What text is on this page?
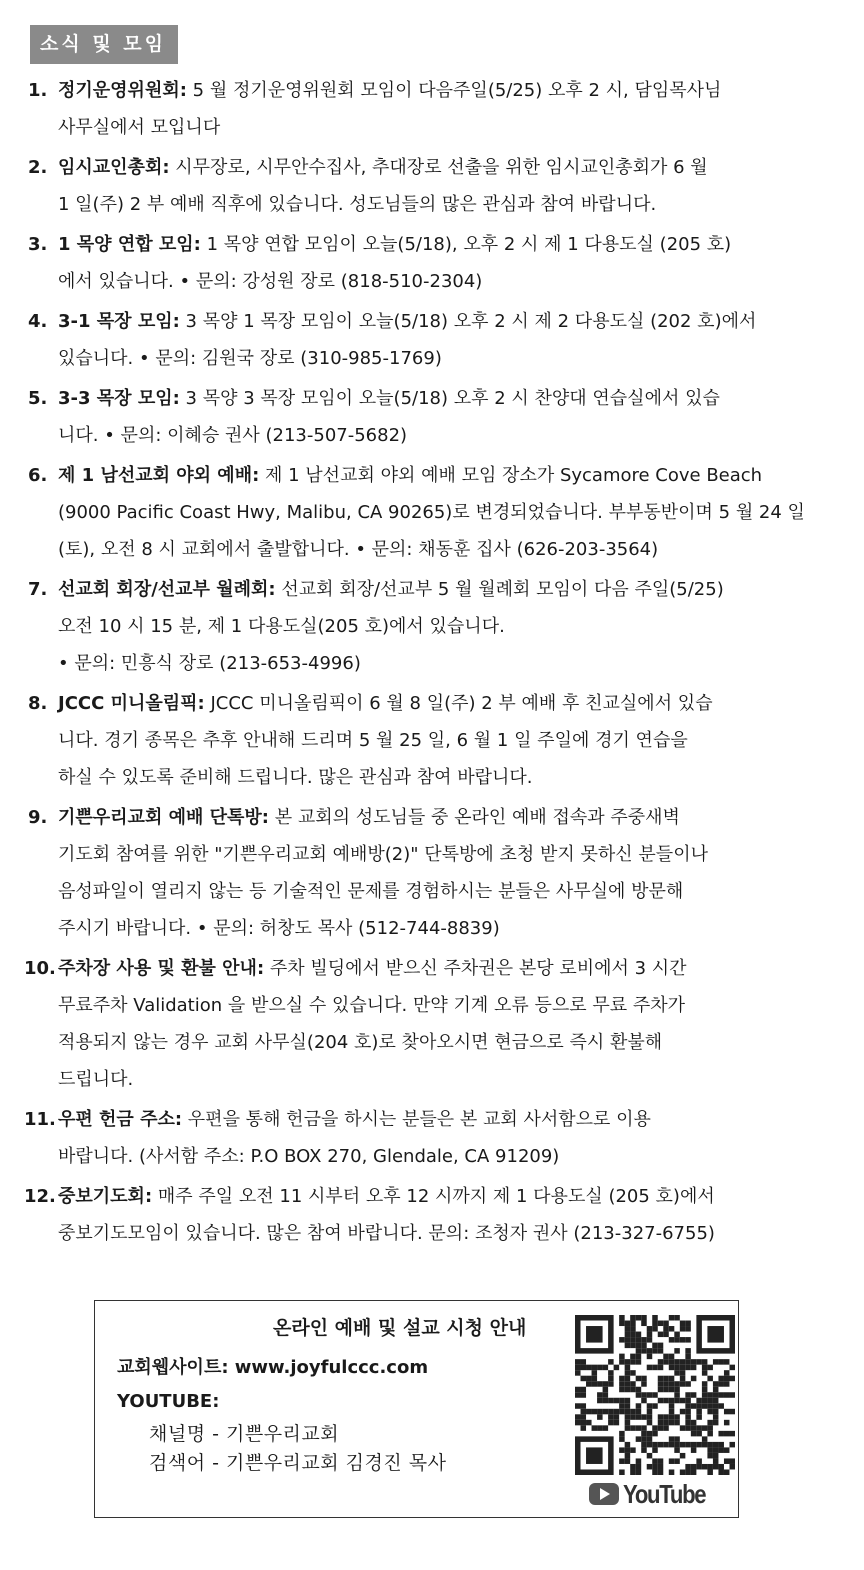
소식 및 모임
1. 정기운영위원회: 5 월 정기운영위원회 모임이 다음주일(5/25) 오후 2 시, 담임목사님
사무실에서 모입니다
2. 임시교인총회: 시무장로, 시무안수집사, 추대장로 선출을 위한 임시교인총회가 6 월
1 일(주) 2 부 예배 직후에 있습니다. 성도님들의 많은 관심과 참여 바랍니다.
3. 1 목양 연합 모임: 1 목양 연합 모임이 오늘(5/18), 오후 2 시 제 1 다용도실 (205 호)
에서 있습니다. • 문의: 강성원 장로 (818-510-2304)
4. 3-1 목장 모임: 3 목양 1 목장 모임이 오늘(5/18) 오후 2 시 제 2 다용도실 (202 호)에서
있습니다. • 문의: 김원국 장로 (310-985-1769)
5. 3-3 목장 모임: 3 목양 3 목장 모임이 오늘(5/18) 오후 2 시 찬양대 연습실에서 있습
니다. • 문의: 이혜승 권사 (213-507-5682)
6. 제 1 남선교회 야외 예배: 제 1 남선교회 야외 예배 모임 장소가 Sycamore Cove Beach
(9000 Pacific Coast Hwy, Malibu, CA 90265)로 변경되었습니다. 부부동반이며 5 월 24 일
(토), 오전 8 시 교회에서 출발합니다. • 문의: 채동훈 집사 (626-203-3564)
7. 선교회 회장/선교부 월례회: 선교회 회장/선교부 5 월 월례회 모임이 다음 주일(5/25)
오전 10 시 15 분, 제 1 다용도실(205 호)에서 있습니다.
• 문의: 민흥식 장로 (213-653-4996)
8. JCCC 미니올림픽: JCCC 미니올림픽이 6 월 8 일(주) 2 부 예배 후 친교실에서 있습
니다. 경기 종목은 추후 안내해 드리며 5 월 25 일, 6 월 1 일 주일에 경기 연습을
하실 수 있도록 준비해 드립니다. 많은 관심과 참여 바랍니다.
9. 기쁜우리교회 예배 단톡방: 본 교회의 성도님들 중 온라인 예배 접속과 주중새벽
기도회 참여를 위한 "기쁜우리교회 예배방(2)" 단톡방에 초청 받지 못하신 분들이나
음성파일이 열리지 않는 등 기술적인 문제를 경험하시는 분들은 사무실에 방문해
주시기 바랍니다. • 문의: 허창도 목사 (512-744-8839)
10. 주차장 사용 및 환불 안내: 주차 빌딩에서 받으신 주차권은 본당 로비에서 3 시간
무료주차 Validation 을 받으실 수 있습니다. 만약 기계 오류 등으로 무료 주차가
적용되지 않는 경우 교회 사무실(204 호)로 찾아오시면 현금으로 즉시 환불해
드립니다.
11. 우편 헌금 주소: 우편을 통해 헌금을 하시는 분들은 본 교회 사서함으로 이용
바랍니다. (사서함 주소: P.O BOX 270, Glendale, CA 91209)
12. 중보기도회: 매주 주일 오전 11 시부터 오후 12 시까지 제 1 다용도실 (205 호)에서
중보기도모임이 있습니다. 많은 참여 바랍니다. 문의: 조청자 권사 (213-327-6755)
온라인 예배 및 설교 시청 안내
교회웹사이트: www.joyfulccc.com
YOUTUBE:
채널명 - 기쁜우리교회
검색어 - 기쁜우리교회 김경진 목사
YouTube
